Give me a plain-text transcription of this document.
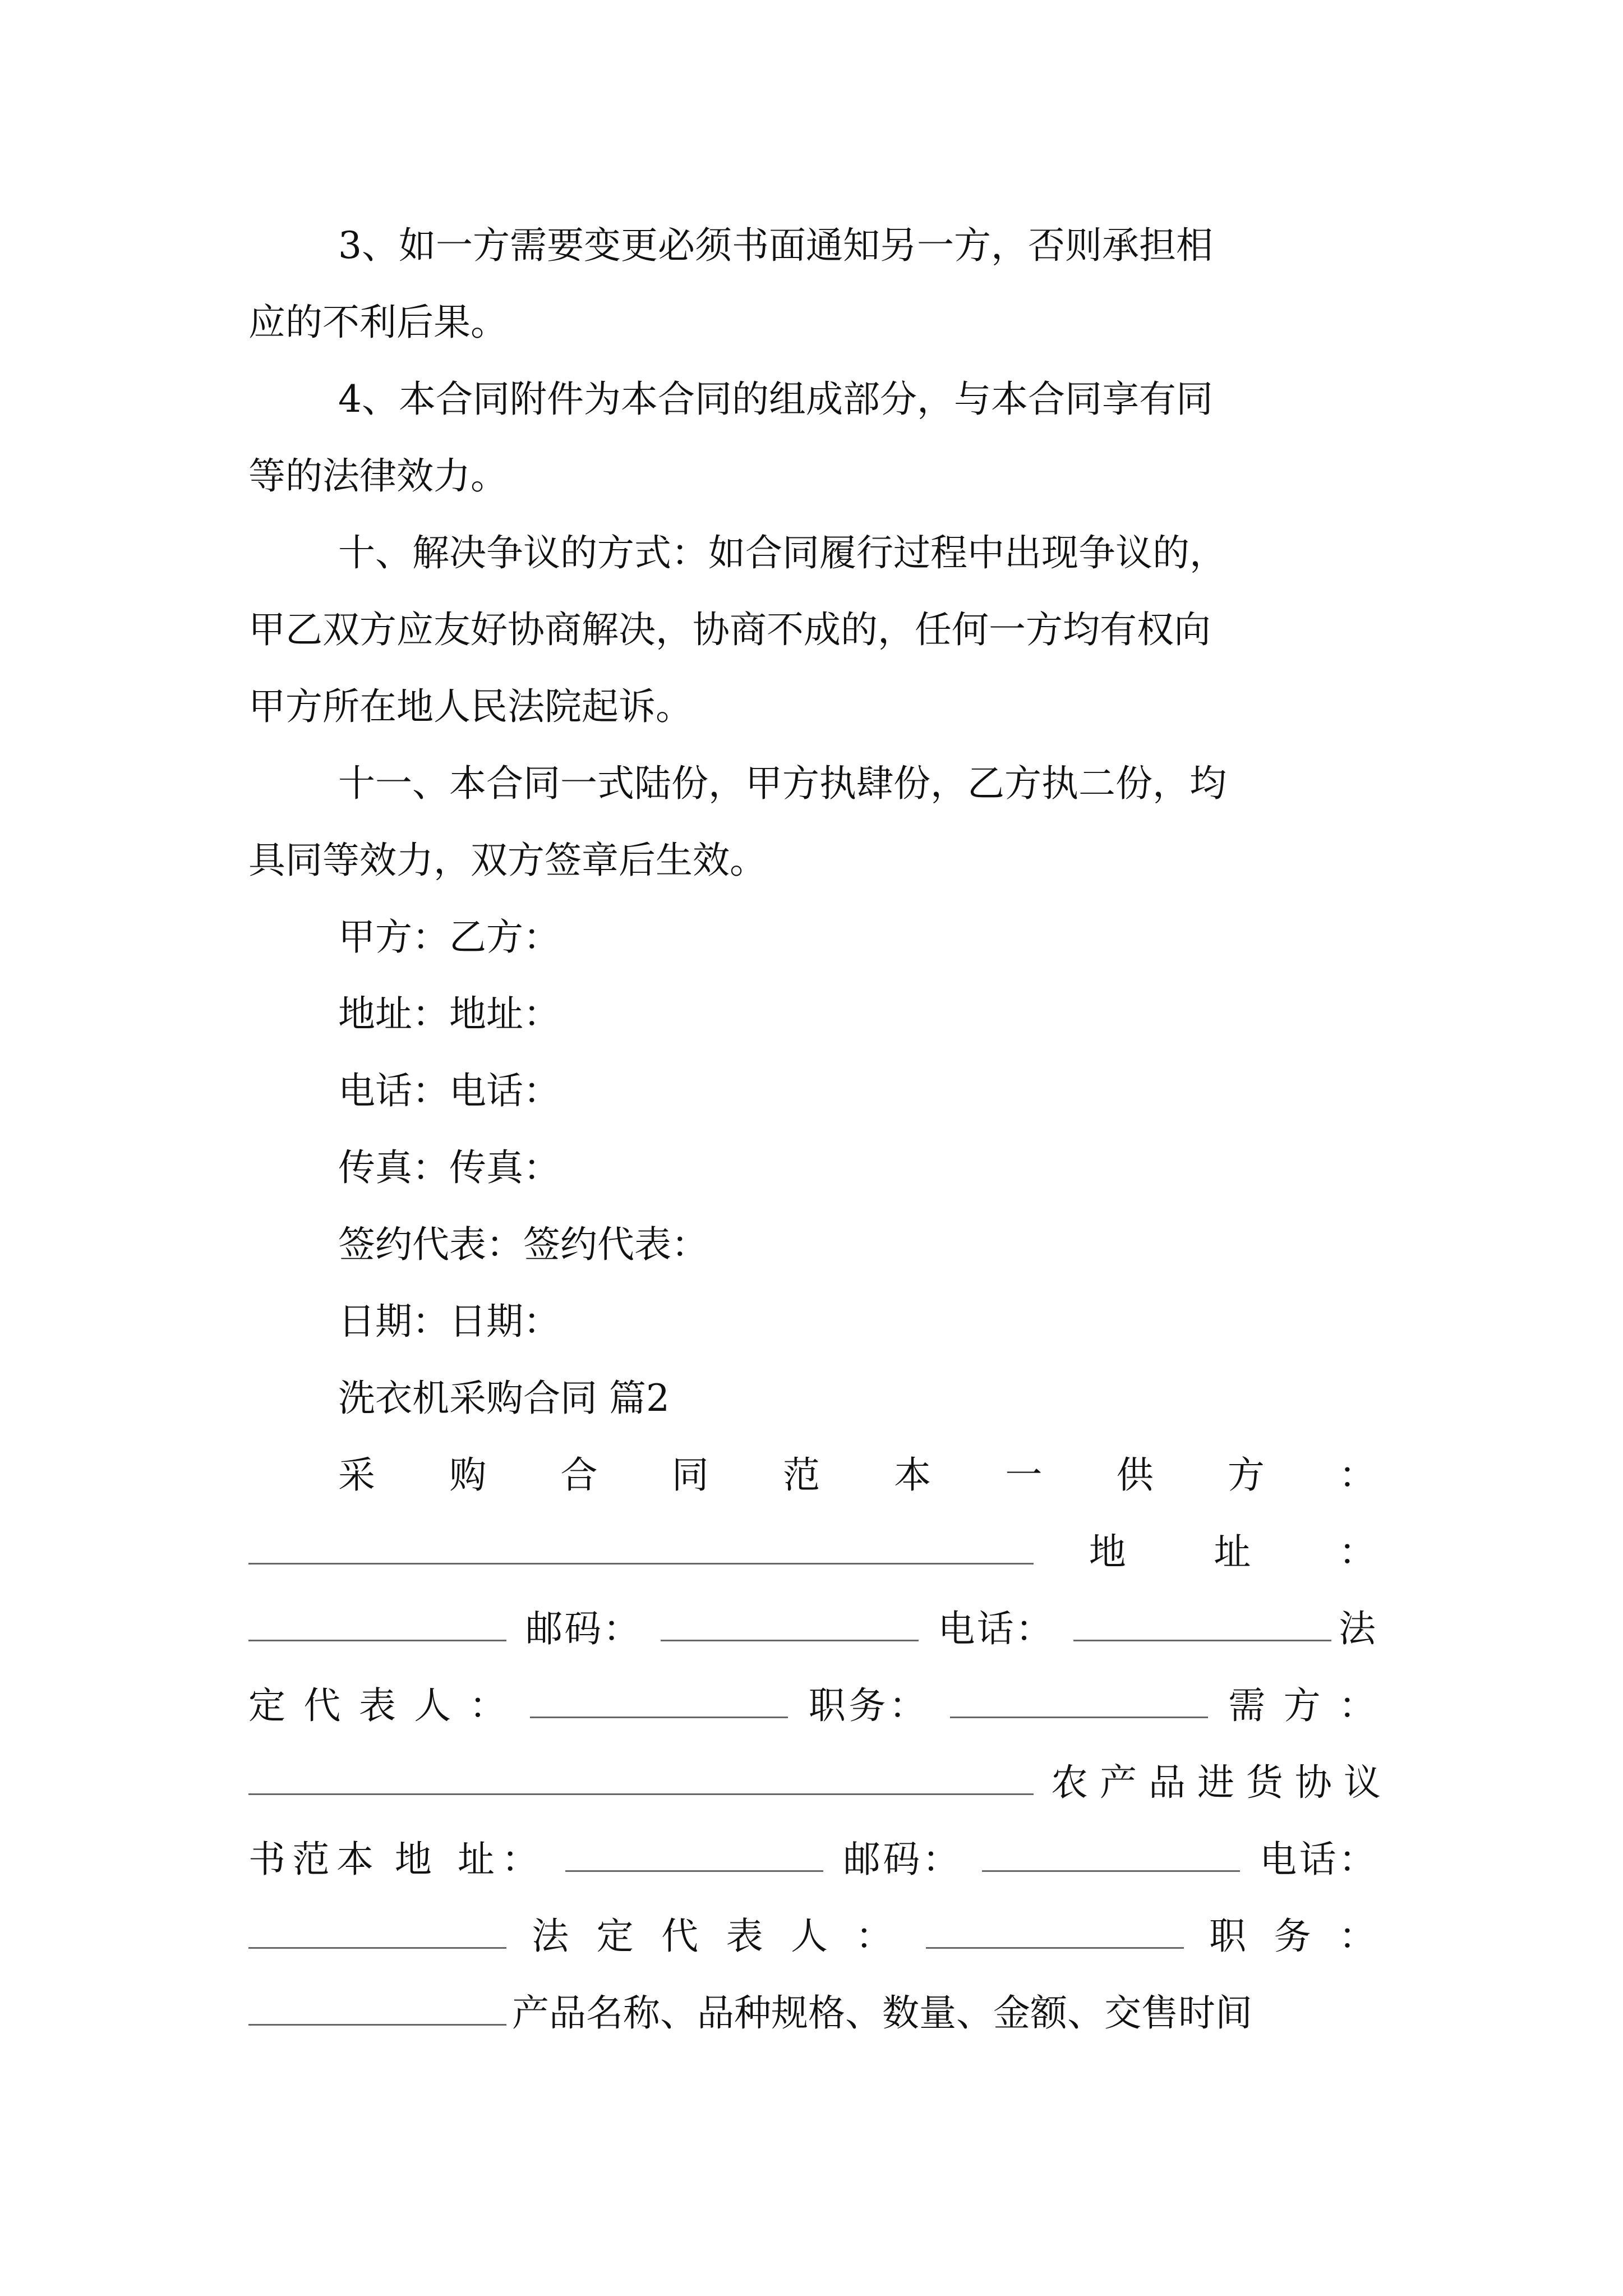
3、如一方需要变更必须书面通知另一方，否则承担相
应的不利后果。
4、本合同附件为本合同的组成部分，与本合同享有同
等的法律效力。
十、解决争议的方式：如合同履行过程中出现争议的，
甲乙双方应友好协商解决，协商不成的，任何一方均有权向
甲方所在地人民法院起诉。
十一、本合同一式陆份，甲方执肆份，乙方执二份，均
具同等效力，双方签章后生效。
甲方：乙方：
地址：地址：
电话：电话：
传真：传真：
签约代表：签约代表：
日期：日期：
洗衣机采购合同 篇2
采 购 合 同 范 本 一 供 方 ：
地 址 ：
邮码：	电话：	法
定 代 表 人 ：	职务：	需 方 ：
农 产 品 进 货 协 议
书范本 地 址：	邮码：	电话：
法 定 代 表 人 ：	职 务 ：
产品名称、品种规格、数量、金额、交售时间
